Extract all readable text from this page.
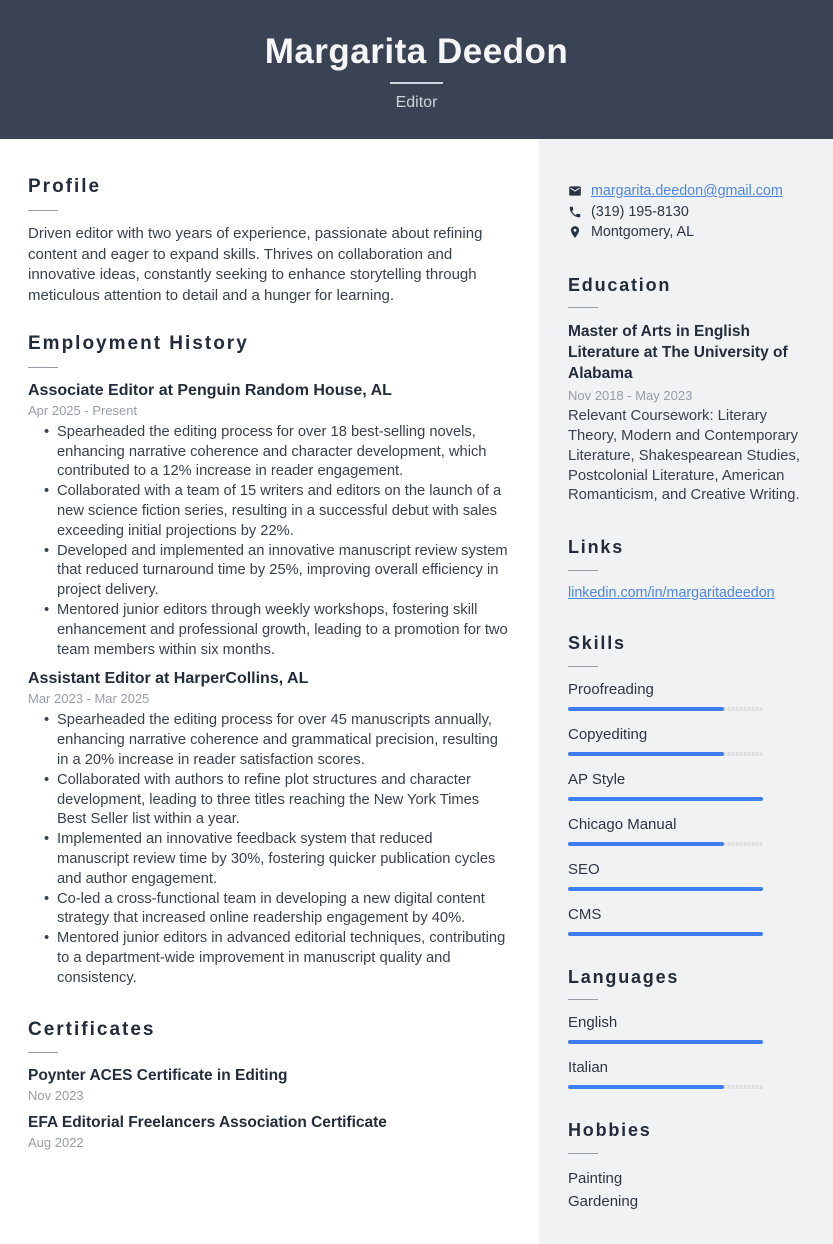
Margarita Deedon
Editor
Profile
Driven editor with two years of experience, passionate about refining content and eager to expand skills. Thrives on collaboration and innovative ideas, constantly seeking to enhance storytelling through meticulous attention to detail and a hunger for learning.
Employment History
Associate Editor at Penguin Random House, AL
Apr 2025 - Present
• Spearheaded the editing process for over 18 best-selling novels, enhancing narrative coherence and character development, which contributed to a 12% increase in reader engagement.
• Collaborated with a team of 15 writers and editors on the launch of a new science fiction series, resulting in a successful debut with sales exceeding initial projections by 22%.
• Developed and implemented an innovative manuscript review system that reduced turnaround time by 25%, improving overall efficiency in project delivery.
• Mentored junior editors through weekly workshops, fostering skill enhancement and professional growth, leading to a promotion for two team members within six months.
Assistant Editor at HarperCollins, AL
Mar 2023 - Mar 2025
• Spearheaded the editing process for over 45 manuscripts annually, enhancing narrative coherence and grammatical precision, resulting in a 20% increase in reader satisfaction scores.
• Collaborated with authors to refine plot structures and character development, leading to three titles reaching the New York Times Best Seller list within a year.
• Implemented an innovative feedback system that reduced manuscript review time by 30%, fostering quicker publication cycles and author engagement.
• Co-led a cross-functional team in developing a new digital content strategy that increased online readership engagement by 40%.
• Mentored junior editors in advanced editorial techniques, contributing to a department-wide improvement in manuscript quality and consistency.
Certificates
Poynter ACES Certificate in Editing
Nov 2023
EFA Editorial Freelancers Association Certificate
Aug 2022
margarita.deedon@gmail.com
(319) 195-8130
Montgomery, AL
Education
Master of Arts in English Literature at The University of Alabama
Nov 2018 - May 2023
Relevant Coursework: Literary Theory, Modern and Contemporary Literature, Shakespearean Studies, Postcolonial Literature, American Romanticism, and Creative Writing.
Links
linkedin.com/in/margaritadeedon
Skills
Proofreading
Copyediting
AP Style
Chicago Manual
SEO
CMS
Languages
English
Italian
Hobbies
Painting
Gardening
